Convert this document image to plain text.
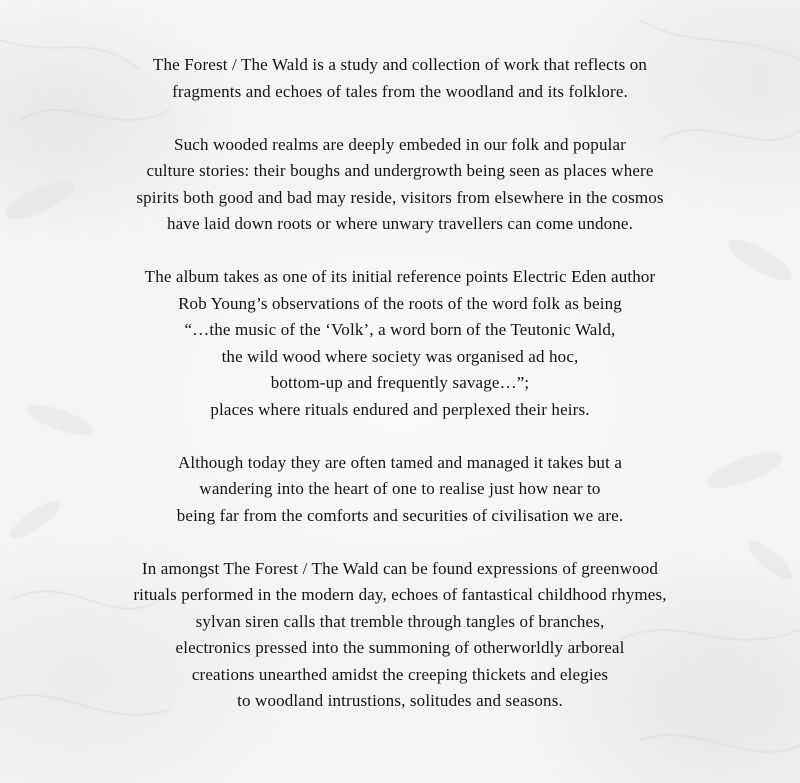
The Forest / The Wald is a study and collection of work that reflects on
fragments and echoes of tales from the woodland and its folklore.

Such wooded realms are deeply embeded in our folk and popular
culture stories: their boughs and undergrowth being seen as places where
spirits both good and bad may reside, visitors from elsewhere in the cosmos
have laid down roots or where unwary travellers can come undone.

The album takes as one of its initial reference points Electric Eden author
Rob Young’s observations of the roots of the word folk as being
“…the music of the ‘Volk’, a word born of the Teutonic Wald,
the wild wood where society was organised ad hoc,
bottom-up and frequently savage…”;
places where rituals endured and perplexed their heirs.

Although today they are often tamed and managed it takes but a
wandering into the heart of one to realise just how near to
being far from the comforts and securities of civilisation we are.

In amongst The Forest / The Wald can be found expressions of greenwood
rituals performed in the modern day, echoes of fantastical childhood rhymes,
sylvan siren calls that tremble through tangles of branches,
electronics pressed into the summoning of otherworldly arboreal
creations unearthed amidst the creeping thickets and elegies
to woodland intrustions, solitudes and seasons.
